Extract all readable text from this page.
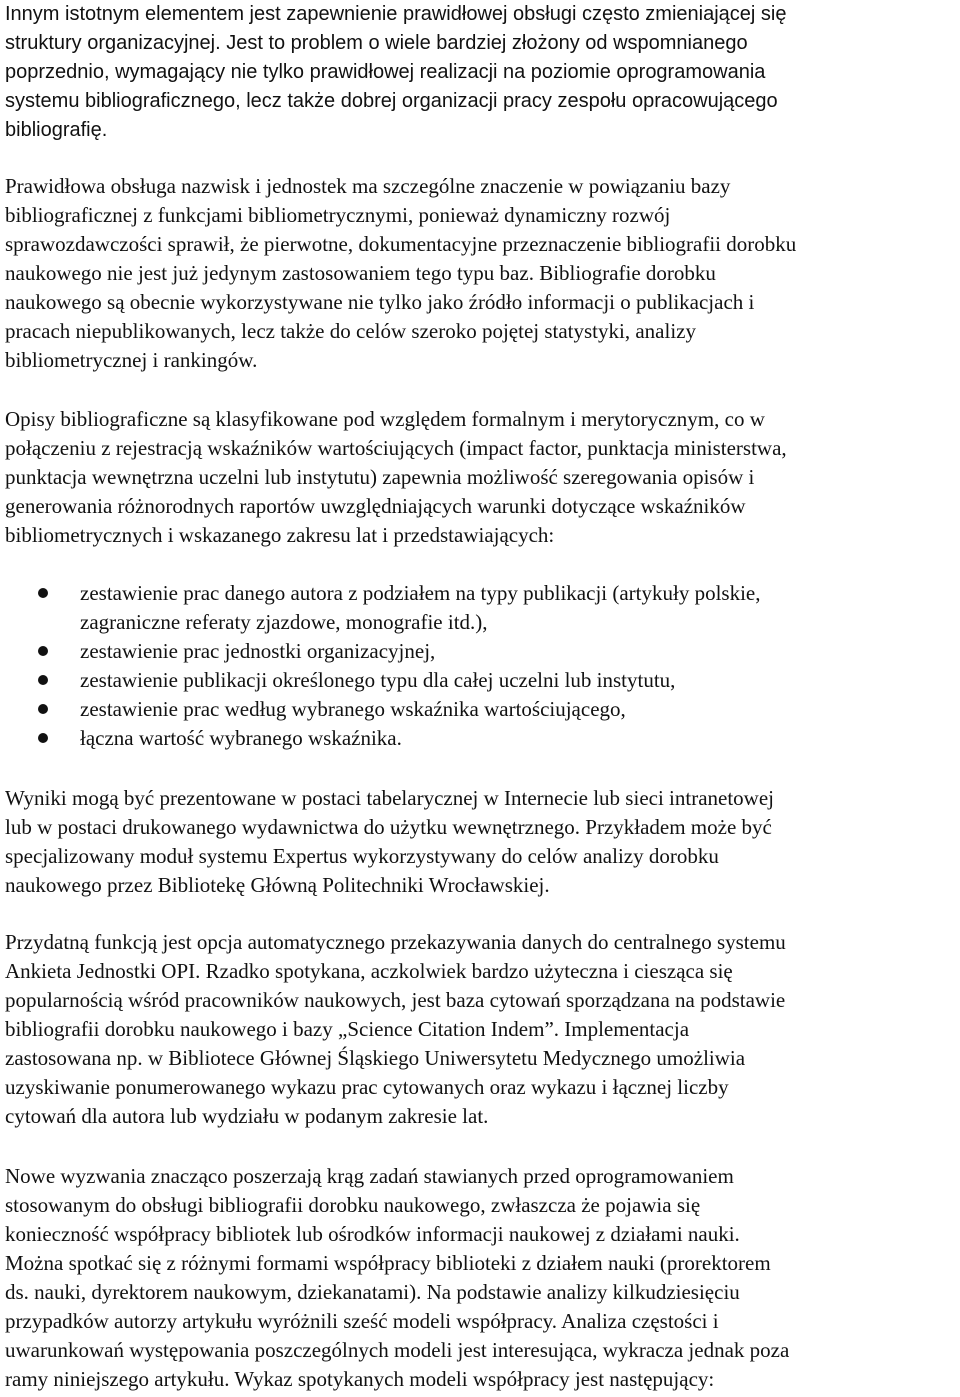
Innym istotnym elementem jest zapewnienie prawidłowej obsługi często zmieniającej się
struktury organizacyjnej. Jest to problem o wiele bardziej złożony od wspomnianego
poprzednio, wymagający nie tylko prawidłowej realizacji na poziomie oprogramowania
systemu bibliograficznego, lecz także dobrej organizacji pracy zespołu opracowującego
bibliografię.
Prawidłowa obsługa nazwisk i jednostek ma szczególne znaczenie w powiązaniu bazy
bibliograficznej z funkcjami bibliometrycznymi, ponieważ dynamiczny rozwój
sprawozdawczości sprawił, że pierwotne, dokumentacyjne przeznaczenie bibliografii dorobku
naukowego nie jest już jedynym zastosowaniem tego typu baz. Bibliografie dorobku
naukowego są obecnie wykorzystywane nie tylko jako źródło informacji o publikacjach i
pracach niepublikowanych, lecz także do celów szeroko pojętej statystyki, analizy
bibliometrycznej i rankingów.
Opisy bibliograficzne są klasyfikowane pod względem formalnym i merytorycznym, co w
połączeniu z rejestracją wskaźników wartościujących (impact factor, punktacja ministerstwa,
punktacja wewnętrzna uczelni lub instytutu) zapewnia możliwość szeregowania opisów i
generowania różnorodnych raportów uwzględniających warunki dotyczące wskaźników
bibliometrycznych i wskazanego zakresu lat i przedstawiających:
zestawienie prac danego autora z podziałem na typy publikacji (artykuły polskie,
zagraniczne referaty zjazdowe, monografie itd.),
zestawienie prac jednostki organizacyjnej,
zestawienie publikacji określonego typu dla całej uczelni lub instytutu,
zestawienie prac według wybranego wskaźnika wartościującego,
łączna wartość wybranego wskaźnika.
Wyniki mogą być prezentowane w postaci tabelarycznej w Internecie lub sieci intranetowej
lub w postaci drukowanego wydawnictwa do użytku wewnętrznego. Przykładem może być
specjalizowany moduł systemu Expertus wykorzystywany do celów analizy dorobku
naukowego przez Bibliotekę Główną Politechniki Wrocławskiej.
Przydatną funkcją jest opcja automatycznego przekazywania danych do centralnego systemu
Ankieta Jednostki OPI. Rzadko spotykana, aczkolwiek bardzo użyteczna i ciesząca się
popularnością wśród pracowników naukowych, jest baza cytowań sporządzana na podstawie
bibliografii dorobku naukowego i bazy „Science Citation Indem”. Implementacja
zastosowana np. w Bibliotece Głównej Śląskiego Uniwersytetu Medycznego umożliwia
uzyskiwanie ponumerowanego wykazu prac cytowanych oraz wykazu i łącznej liczby
cytowań dla autora lub wydziału w podanym zakresie lat.
Nowe wyzwania znacząco poszerzają krąg zadań stawianych przed oprogramowaniem
stosowanym do obsługi bibliografii dorobku naukowego, zwłaszcza że pojawia się
konieczność współpracy bibliotek lub ośrodków informacji naukowej z działami nauki.
Można spotkać się z różnymi formami współpracy biblioteki z działem nauki (prorektorem
ds. nauki, dyrektorem naukowym, dziekanatami). Na podstawie analizy kilkudziesięciu
przypadków autorzy artykułu wyróżnili sześć modeli współpracy. Analiza częstości i
uwarunkowań występowania poszczególnych modeli jest interesująca, wykracza jednak poza
ramy niniejszego artykułu. Wykaz spotykanych modeli współpracy jest następujący:
